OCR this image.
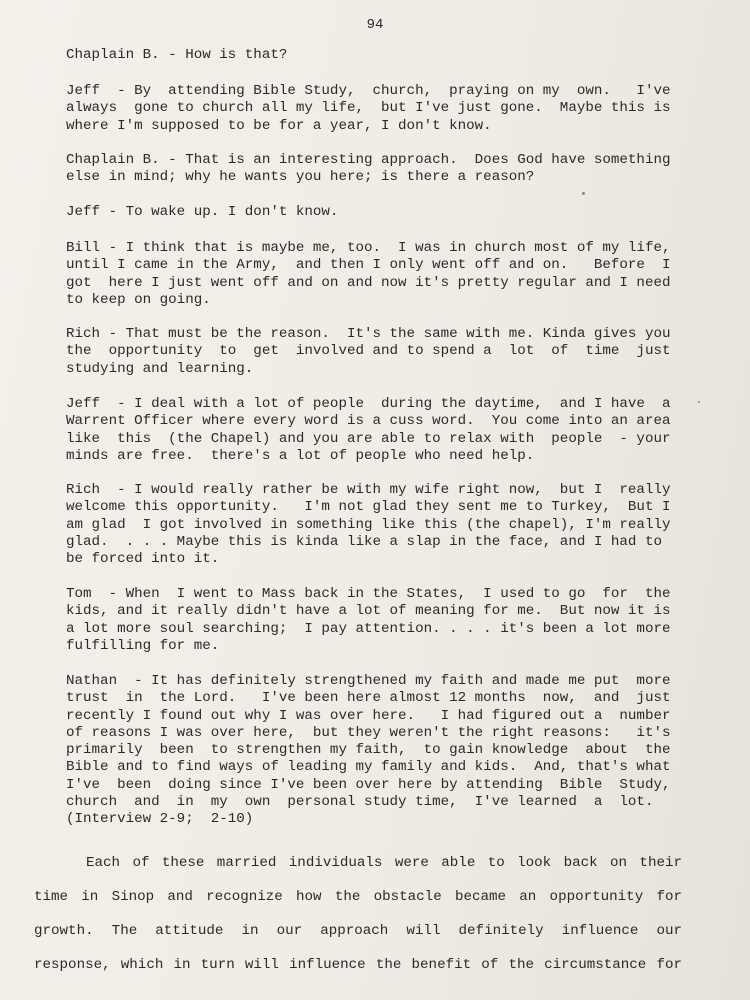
94
Chaplain B. - How is that?
Jeff  - By  attending Bible Study,  church,  praying on my  own.   I've
always  gone to church all my life,  but I've just gone.  Maybe this is
where I'm supposed to be for a year, I don't know.
Chaplain B. - That is an interesting approach.  Does God have something
else in mind; why he wants you here; is there a reason?
Jeff - To wake up. I don't know.
Bill - I think that is maybe me, too.  I was in church most of my life,
until I came in the Army,  and then I only went off and on.   Before  I
got  here I just went off and on and now it's pretty regular and I need
to keep on going.
Rich - That must be the reason.  It's the same with me. Kinda gives you
the  opportunity  to  get  involved and to spend a  lot  of  time  just
studying and learning.
Jeff  - I deal with a lot of people  during the daytime,  and I have  a
Warrent Officer where every word is a cuss word.  You come into an area
like  this  (the Chapel) and you are able to relax with  people  - your
minds are free.  there's a lot of people who need help.
Rich  - I would really rather be with my wife right now,  but I  really
welcome this opportunity.   I'm not glad they sent me to Turkey,  But I
am glad  I got involved in something like this (the chapel), I'm really
glad.  . . . Maybe this is kinda like a slap in the face, and I had to
be forced into it.
Tom  - When  I went to Mass back in the States,  I used to go  for  the
kids, and it really didn't have a lot of meaning for me.  But now it is
a lot more soul searching;  I pay attention. . . . it's been a lot more
fulfilling for me.
Nathan  - It has definitely strengthened my faith and made me put  more
trust  in  the Lord.   I've been here almost 12 months  now,  and  just
recently I found out why I was over here.   I had figured out a  number
of reasons I was over here,  but they weren't the right reasons:   it's
primarily  been  to strengthen my faith,  to gain knowledge  about  the
Bible and to find ways of leading my family and kids.  And, that's what
I've  been  doing since I've been over here by attending  Bible  Study,
church  and  in  my  own  personal study time,  I've learned  a  lot.
(Interview 2-9;  2-10)
Each of these married individuals were able to look back on their
time in Sinop and recognize how the obstacle became an opportunity for
growth. The attitude in our approach will definitely influence our
response, which in turn will influence the benefit of the circumstance for
